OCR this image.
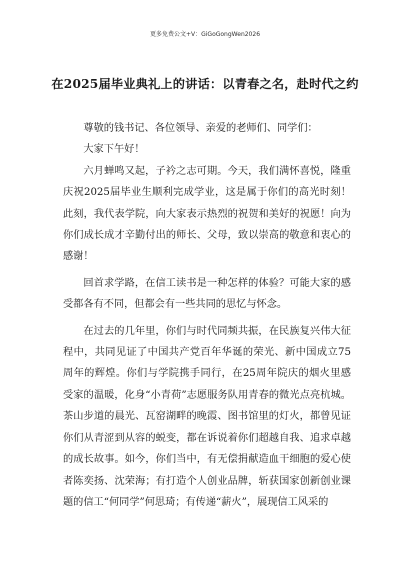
更多免费公文+V：GiGoGongWen2026
在2025届毕业典礼上的讲话：以青春之名，赴时代之约

尊敬的钱书记、各位领导、亲爱的老师们、同学们：

大家下午好！

六月蝉鸣又起，子衿之志可期。今天，我们满怀喜悦，隆重庆祝2025届毕业生顺利完成学业，这是属于你们的高光时刻！此刻，我代表学院，向大家表示热烈的祝贺和美好的祝愿！向为你们成长成才辛勤付出的师长、父母，致以崇高的敬意和衷心的感谢！

回首求学路，在信工读书是一种怎样的体验？可能大家的感受都各有不同，但都会有一些共同的思忆与怀念。

在过去的几年里，你们与时代同频共振，在民族复兴伟大征程中，共同见证了中国共产党百年华诞的荣光、新中国成立75周年的辉煌。你们与学院携手同行，在25周年院庆的烟火里感受家的温暖，化身“小青荷”志愿服务队用青春的微光点亮杭城。茶山步道的晨光、瓦窑湖畔的晚霞、图书馆里的灯火，都曾见证你们从青涩到从容的蜕变，都在诉说着你们超越自我、追求卓越的成长故事。如今，你们当中，有无偿捐献造血干细胞的爱心使者陈奕扬、沈荣海；有打造个人创业品牌，斩获国家创新创业课题的信工“何同学”何思琦；有传递“薪火”，展现信工风采的
